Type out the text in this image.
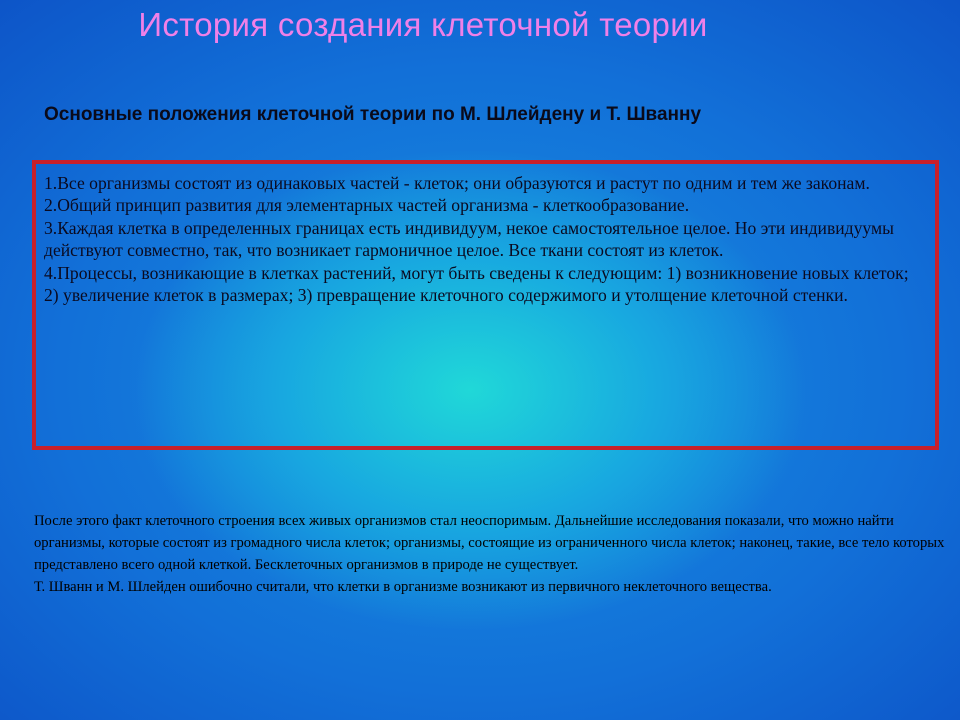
История создания клеточной теории
Основные положения клеточной теории по М. Шлейдену и Т. Шванну
1.Все организмы состоят из одинаковых частей - клеток; они образуются и растут по одним и тем же законам.
2.Общий принцип развития для элементарных частей организма - клеткообразование.
3.Каждая клетка в определенных границах есть индивидуум, некое самостоятельное целое. Но эти индивидуумы действуют совместно, так, что возникает гармоничное целое. Все ткани состоят из клеток.
4.Процессы, возникающие в клетках растений, могут быть сведены к следующим: 1) возникновение новых клеток; 2) увеличение клеток в размерах; 3) превращение клеточного содержимого и утолщение клеточной стенки.
После этого факт клеточного строения всех живых организмов стал неоспоримым. Дальнейшие исследования показали, что можно найти организмы, которые состоят из громадного числа клеток; организмы, состоящие из ограниченного числа клеток; наконец, такие, все тело которых представлено всего одной клеткой. Бесклеточных организмов в природе не существует.
Т. Шванн и М. Шлейден ошибочно считали, что клетки в организме возникают из первичного неклеточного вещества.
